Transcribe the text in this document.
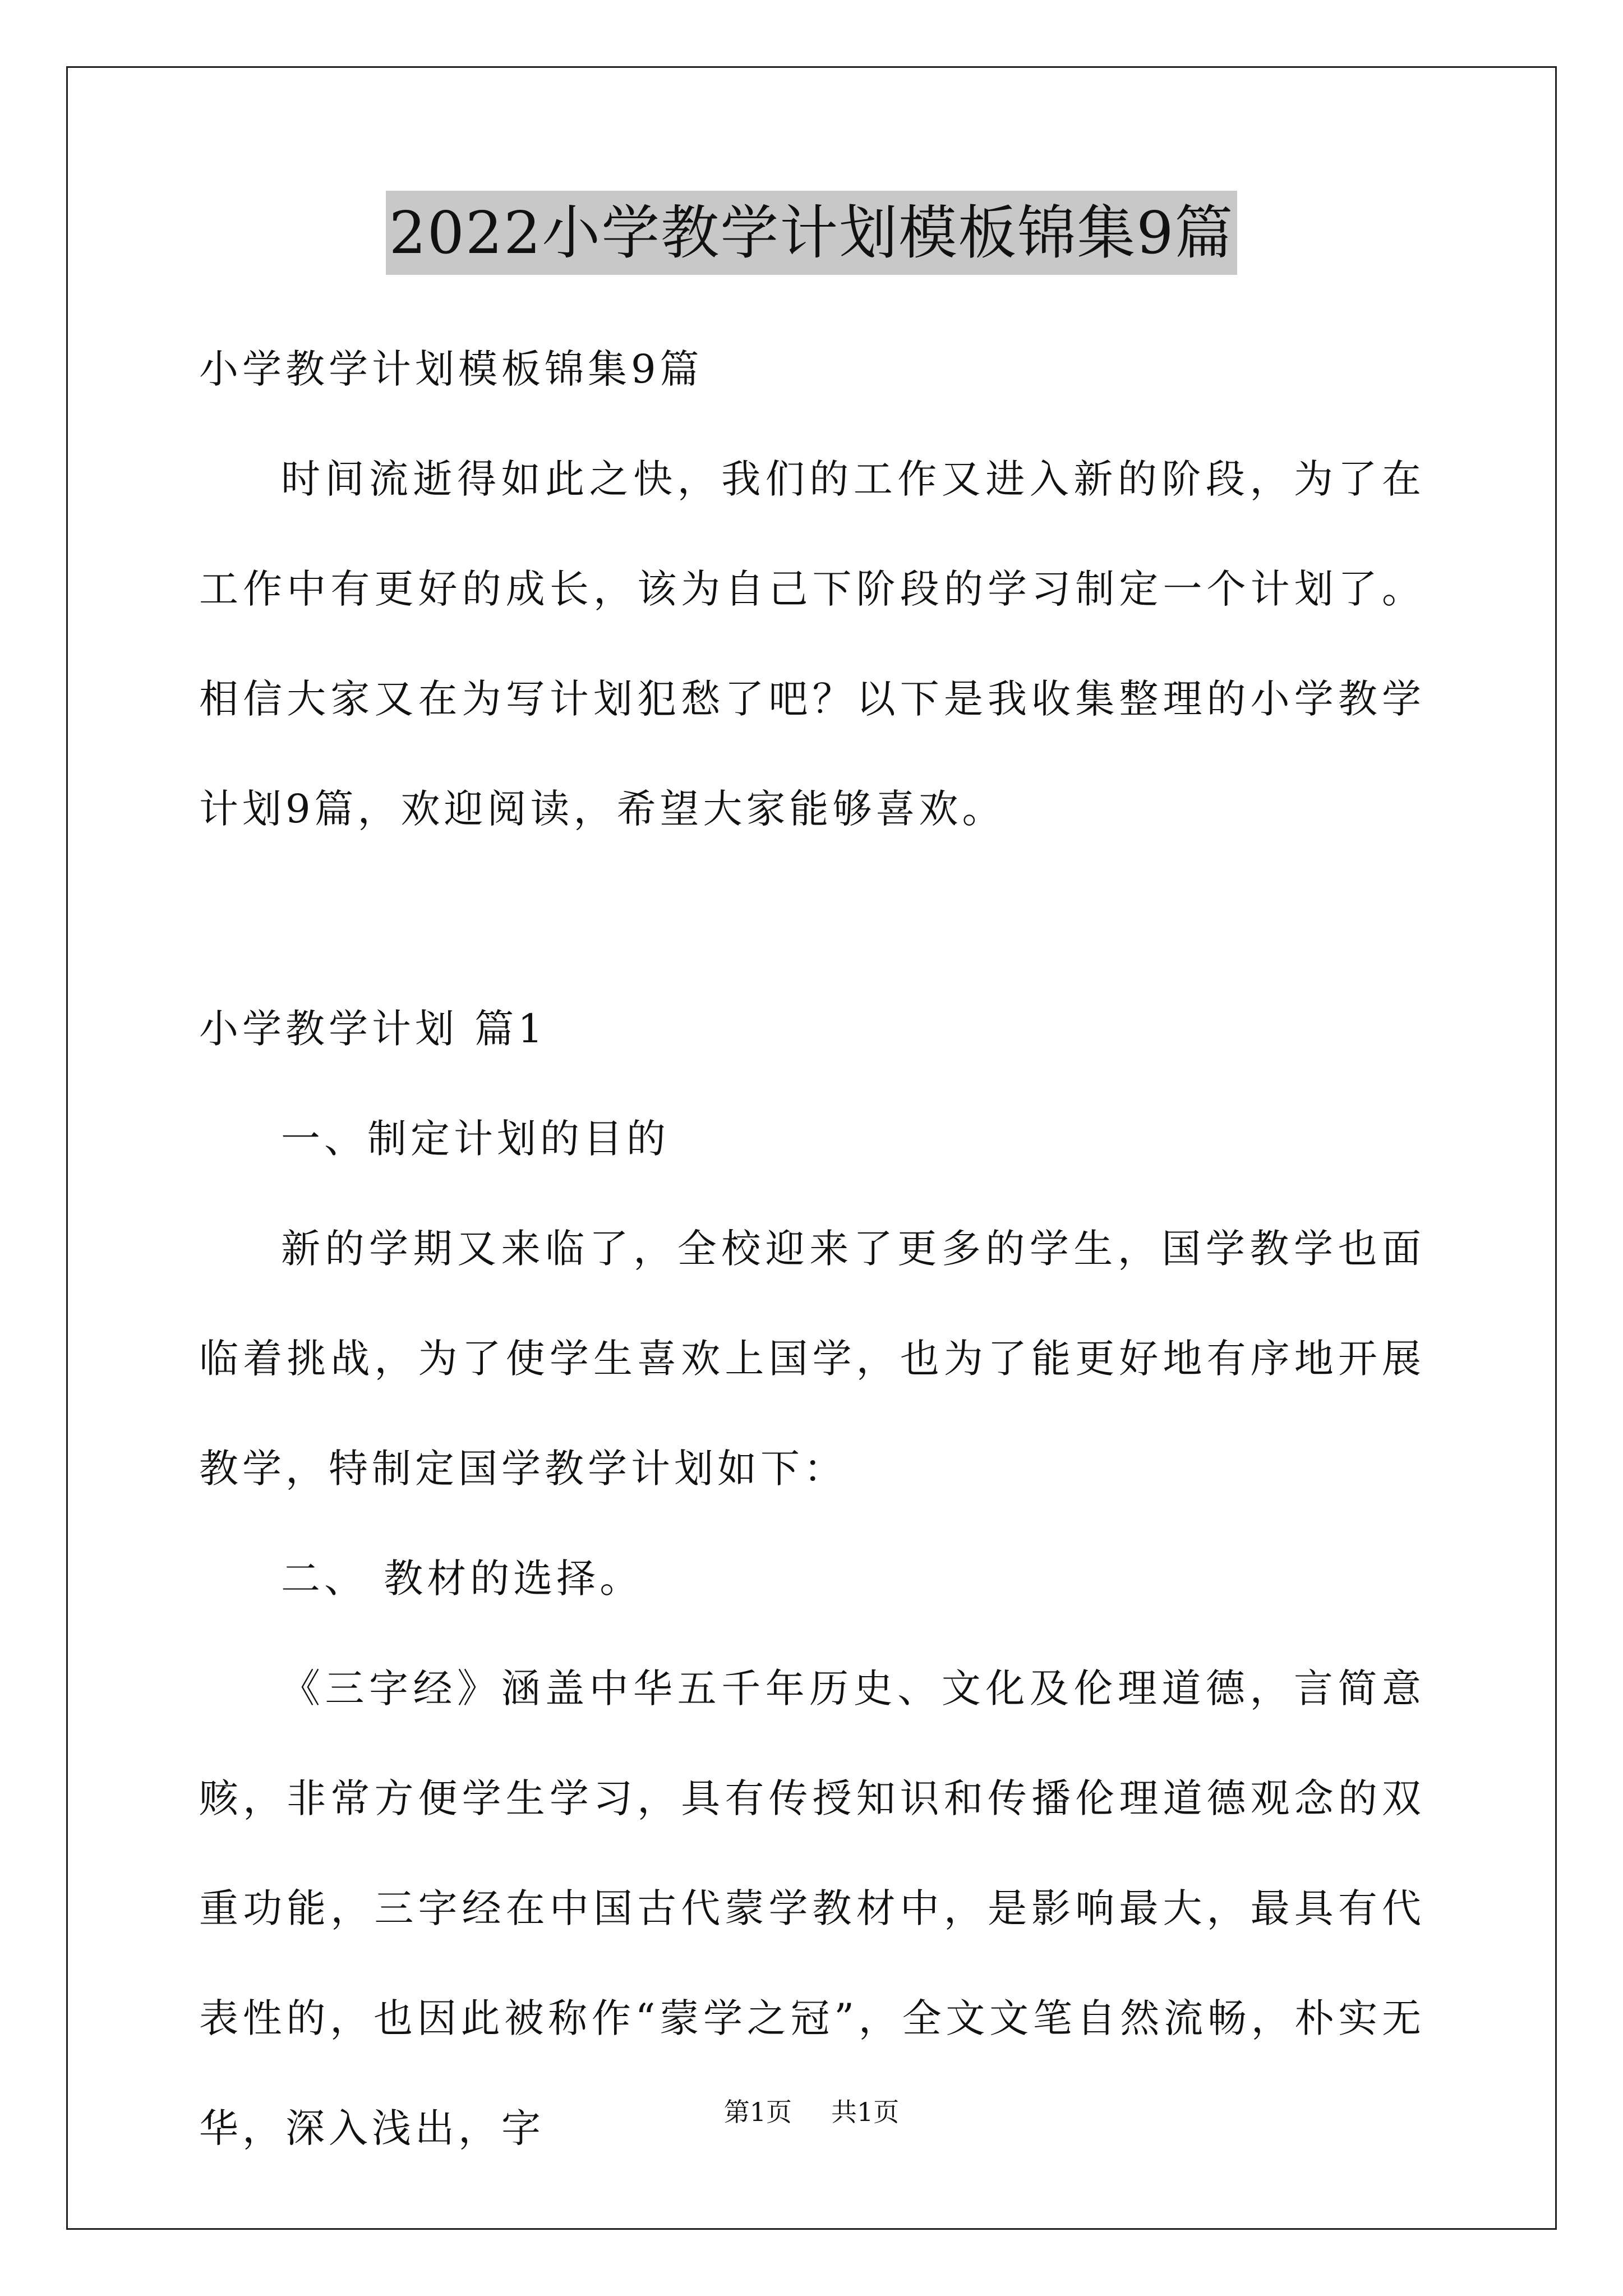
2022小学教学计划模板锦集9篇

小学教学计划模板锦集9篇

时间流逝得如此之快，我们的工作又进入新的阶段，为了在工作中有更好的成长，该为自己下阶段的学习制定一个计划了。相信大家又在为写计划犯愁了吧？以下是我收集整理的小学教学计划9篇，欢迎阅读，希望大家能够喜欢。

小学教学计划 篇1

一、制定计划的目的

新的学期又来临了，全校迎来了更多的学生，国学教学也面临着挑战，为了使学生喜欢上国学，也为了能更好地有序地开展教学，特制定国学教学计划如下：

二、 教材的选择。

《三字经》涵盖中华五千年历史、文化及伦理道德，言简意赅，非常方便学生学习，具有传授知识和传播伦理道德观念的双重功能，三字经在中国古代蒙学教材中，是影响最大，最具有代表性的，也因此被称作“蒙学之冠”，全文文笔自然流畅，朴实无华，深入浅出，字	第1页 共1页
